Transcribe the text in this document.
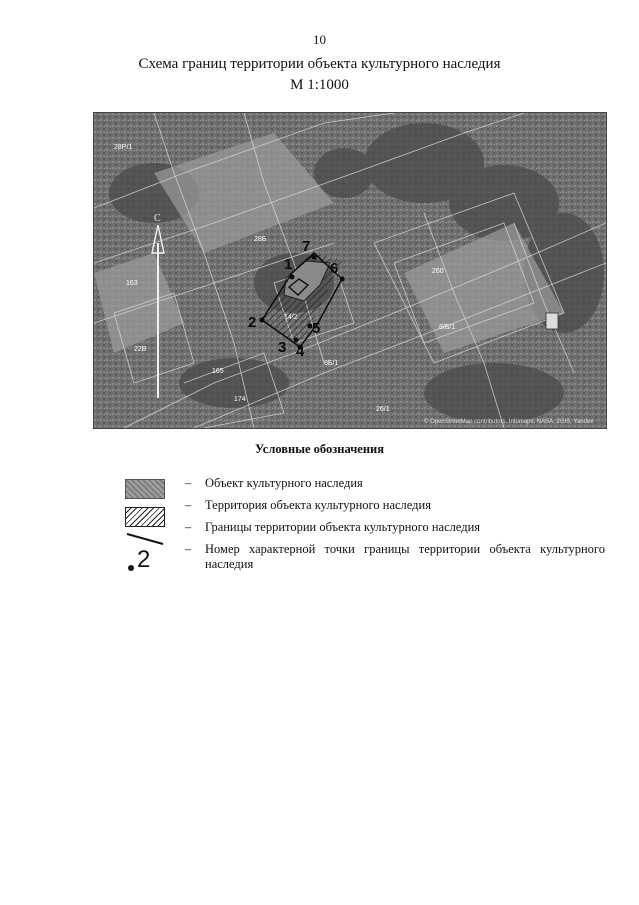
10
Схема границ территории объекта культурного наследия
М 1:1000
28Р/1
28Б
163
22В
8/Б/1
260
165
174
8Б/1
26/1
С
1
2
3 4
5
6
7
© OpenStreetMap contributors, Infomaps, NASA, 2GIS, Yandex
Условные обозначения
–	Объект культурного наследия
–	Территория объекта культурного наследия
–	Границы территории объекта культурного наследия
2	–	Номер характерной точки границы территории объекта культурного наследия
